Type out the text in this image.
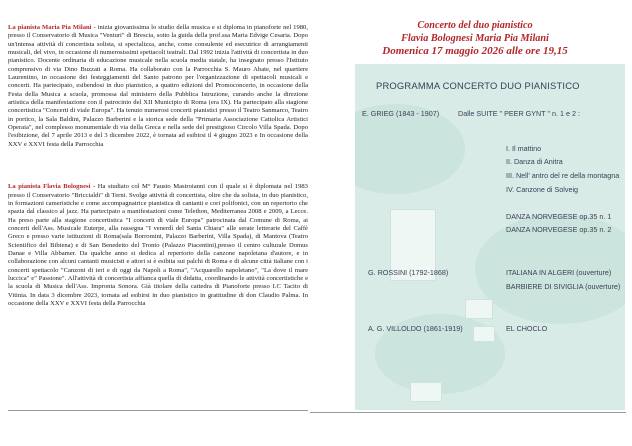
La pianista Maria Pia Milani - inizia giovanissima lo studio della musica e si diploma in pianoforte nel 1980, presso il Conservatorio di Musica "Venturi" di Brescia, sotto la guida della prof.ssa Maria Edvige Cesaria. Dopo un'intensa attività di concertista solista, si specializza, anche, come consulente ed esecutrice di arrangiamenti musicali, del vivo, in occasione di numerosissimi spettacoli teatrali. Dal 1992 inizia l'attività di concertista in duo pianistico. Docente ordinaria di educazione musicale nella scuola media statale, ha insegnato presso l'Istituto comprensivo di via Dino Buzzati a Roma. Ha collaborato con la Parrocchia S. Mauro Abate, nel quartiere Laurentino, in occasione dei festeggiamenti del Santo patrono per l'organizzazione di spettacoli musicali e concerti. Ha partecipato, esibendosi in duo pianistico, a quattro edizioni del Promoconcerto, in occasione della Festa della Musica a scuola, promossa dal ministero della Pubblica Istruzione, curando anche la direzione artistica della manifestazione con il patrocinio del XII Municipio di Roma (era IX). Ha partecipato alla stagione concertistica "Concerti di viale Europa". Ha tenuto numerosi concerti pianistici presso il Teatro Sanmarco, Teatro in portico, la Sala Baldini, Palazzo Barberini e la storica sede della "Primaria Associazione Cattolica Artistici Operaia", nel complesso monumentale di via della Greca e nella sede del prestigioso Circolo Villa Spada. Dopo l'esibizione, del 7 aprile 2013 e del 3 dicembre 2022, è tornata ad esibirsi il 4 giugno 2023 e In occasione della XXV e XXVI festa della Parrocchia

La pianista Flavia Bolognesi - Ha studiato col M° Fausto Mastroianni con il quale si è diplomata nel 1983 presso il Conservatorio "Briccialdi" di Terni. Svolge attività di concertista, oltre che da solista, in duo pianistico, in formazioni cameristiche e come accompagnatrice pianistica di cantanti e cori polifonici, con un repertorio che spazia dal classico al jazz. Ha partecipato a manifestazioni come Telethon, Mediterranea 2008 e 2009, a Lecce. Ha preso parte alla stagione concertistica "I concerti di viale Europa" patrocinata dal Comune di Roma, ai concerti dell'Ass. Musicale Euterpe, alla rassegna "I venerdì del Santa Chiara" alle serate letterarie del Caffè Greco e presso varie istituzioni di Roma(sala Borromini, Palazzo Barberini, Villa Spada), di Mantova (Teatro Scientifico del Bibiena) e di San Benedetto del Tronto (Palazzo Piacentini),presso il centro culturale Domus Danae e Villa Abbamer. Da qualche anno si dedica al repertorio della canzone napoletana d'autore, e in collaborazione con alcuni cantanti musicisti e attori si è esibita sui palchi di Roma e di alcune città italiane con i concerti spettacolo "Canzoni di ieri e di oggi da Napoli a Roma", "Acquarello napoletano", "La dove il mare luccica" e" Passione". All'attività di concertista affianca quella di didatta, coordinando le attività concertistiche e la scuola di Musica dell'Ass. Impronta Sonora. Già titolare della cattedra di Pianoforte presso I.C Tacito di Vitinia. In data 3 dicembre 2023, tornata ad esibirsi in duo pianistico in gratitudine di don Claudio Palma. In occasione della XXV e XXVI festa della Parrocchia

Concerto del duo pianistico
Flavia Bolognesi Maria Pia Milani
Domenica 17 maggio 2026 alle ore 19,15
PROGRAMMA CONCERTO DUO PIANISTICO
E. GRIEG (1843 - 1907)	Dalle SUITE " PEER GYNT " n. 1 e 2 :
I. Il mattino
II. Danza di Anitra
III. Nell' antro del re della montagna
IV. Canzone di Solveig
DANZA NORVEGESE op.35 n. 1
DANZA NORVEGESE op.35 n. 2
G. ROSSINI (1792-1868)	ITALIANA IN ALGERI (ouverture)
BARBIERE DI SIVIGLIA (ouverture)
A. G. VILLOLDO (1861-1919)	EL CHOCLO
